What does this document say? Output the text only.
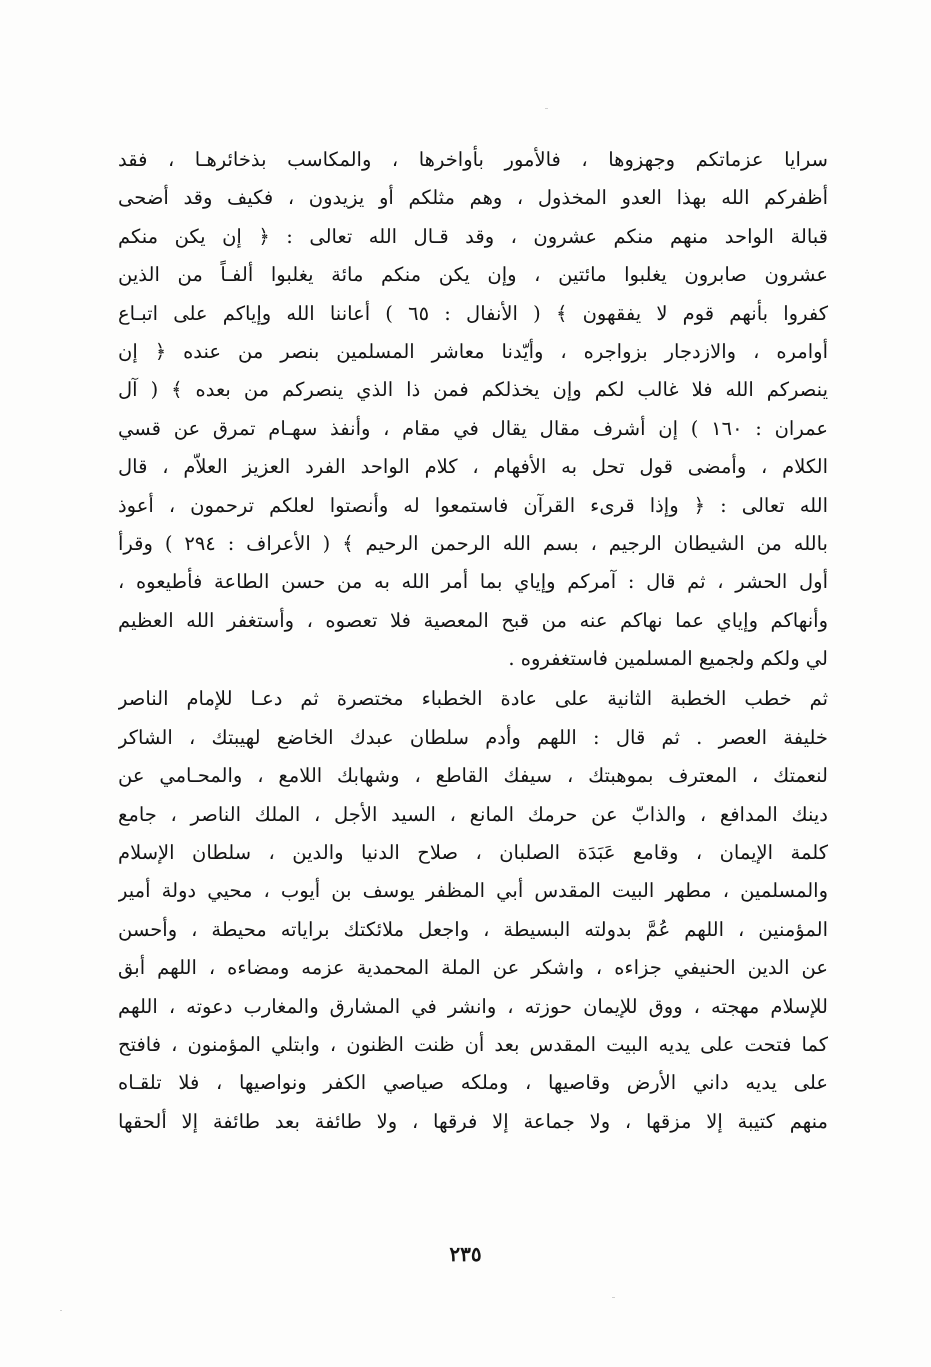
سرايا عزماتكم وجهزوها ، فالأمور بأواخرها ، والمكاسب بذخائرهـا ، فقد
أظفركم الله بهذا العدو المخذول ، وهم مثلكم أو يزيدون ، فكيف وقد أضحى
قبالة الواحد منهم منكم عشرون ، وقد قـال الله تعالى : ﴿ إن يكن منكم
عشرون صابرون يغلبوا مائتين ، وإن يكن منكم مائة يغلبوا ألفـاً من الذين
كفروا بأنهم قوم لا يفقهون ﴾ ( الأنفال : ٦٥ ) أعاننا الله وإياكم على اتبـاع
أوامره ، والازدجار بزواجره ، وأيّدنا معاشر المسلمين بنصر من عنده ﴿ إن
ينصركم الله فلا غالب لكم وإن يخذلكم فمن ذا الذي ينصركم من بعده ﴾ ( آل
عمران : ١٦٠ ) إن أشرف مقال يقال في مقام ، وأنفذ سهـام تمرق عن قسي
الكلام ، وأمضى قول تحل به الأفهام ، كلام الواحد الفرد العزيز العلاّم ، قال
الله تعالى : ﴿ وإذا قرىء القرآن فاستمعوا له وأنصتوا لعلكم ترحمون ، أعوذ
بالله من الشيطان الرجيم ، بسم الله الرحمن الرحيم ﴾ ( الأعراف : ٢٩٤ ) وقرأ
أول الحشر ، ثم قال : آمركم وإياي بما أمر الله به من حسن الطاعة فأطيعوه ،
وأنهاكم وإياي عما نهاكم عنه من قبح المعصية فلا تعصوه ، وأستغفر الله العظيم
لي ولكم ولجميع المسلمين فاستغفروه .
ثم خطب الخطبة الثانية على عادة الخطباء مختصرة ثم دعـا للإمام الناصر
خليفة العصر . ثم قال : اللهم وأدم سلطان عبدك الخاضع لهيبتك ، الشاكر
لنعمتك ، المعترف بموهبتك ، سيفك القاطع ، وشهابك اللامع ، والمحـامي عن
دينك المدافع ، والذابّ عن حرمك المانع ، السيد الأجل ، الملك الناصر ، جامع
كلمة الإيمان ، وقامع عَبَدَة الصلبان ، صلاح الدنيا والدين ، سلطان الإسلام
والمسلمين ، مطهر البيت المقدس أبي المظفر يوسف بن أيوب ، محيي دولة أمير
المؤمنين ، اللهم عُمَّ بدولته البسيطة ، واجعل ملائكتك براياته محيطة ، وأحسن
عن الدين الحنيفي جزاءه ، واشكر عن الملة المحمدية عزمه ومضاءه ، اللهم أبق
للإسلام مهجته ، ووق للإيمان حوزته ، وانشر في المشارق والمغارب دعوته ، اللهم
كما فتحت على يديه البيت المقدس بعد أن ظنت الظنون ، وابتلي المؤمنون ، فافتح
على يديه داني الأرض وقاصيها ، وملكه صياصي الكفر ونواصيها ، فلا تلقـاه
منهم كتيبة إلا مزقها ، ولا جماعة إلا فرقها ، ولا طائفة بعد طائفة إلا ألحقها
٢٣٥
